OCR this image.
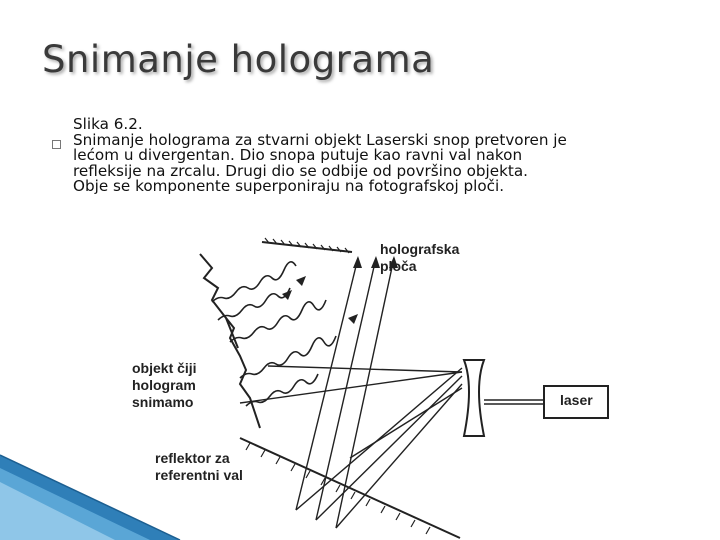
Snimanje holograma
Slika 6.2.
Snimanje holograma za stvarni objekt Laserski snop pretvoren je
lećom u divergentan. Dio snopa putuje kao ravni val nakon
refleksije na zrcalu. Drugi dio se odbije od površino objekta.
Obje se komponente superponiraju na fotografskoj ploči.
holografska
ploča
objekt čiji
hologram
snimamo	laser
reflektor za
referentni val
